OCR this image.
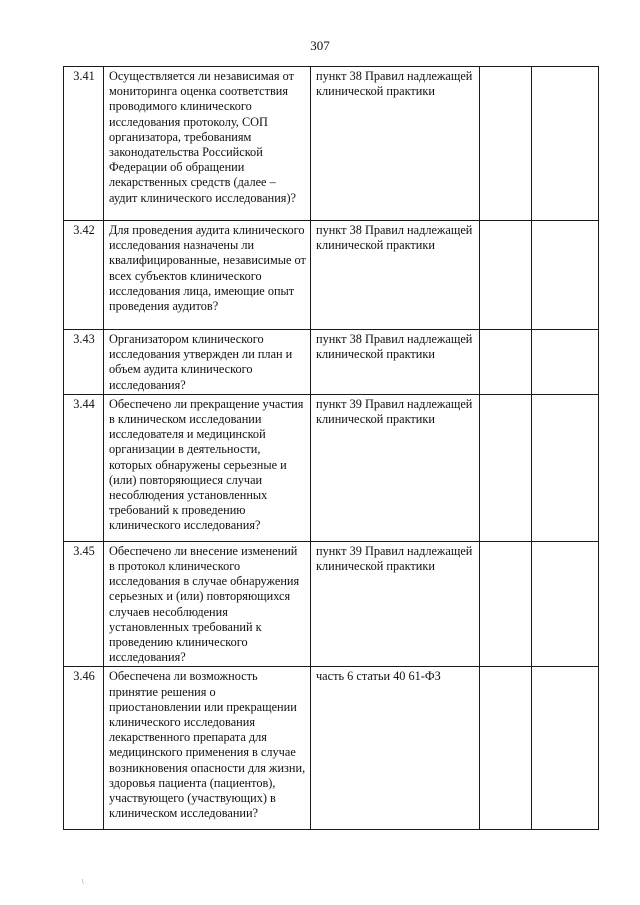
307
3.41	Осуществляется ли независимая от мониторинга оценка соответствия проводимого клинического исследования протоколу, СОП организатора, требованиям законодательства Российской Федерации об обращении лекарственных средств (далее – аудит клинического исследования)?	пункт 38 Правил надлежащей клинической практики		
3.42	Для проведения аудита клинического исследования назначены ли квалифицированные, независимые от всех субъектов клинического исследования лица, имеющие опыт проведения аудитов?	пункт 38 Правил надлежащей клинической практики		
3.43	Организатором клинического исследования утвержден ли план и объем аудита клинического исследования?	пункт 38 Правил надлежащей клинической практики		
3.44	Обеспечено ли прекращение участия в клиническом исследовании исследователя и медицинской организации в деятельности, которых обнаружены серьезные и (или) повторяющиеся случаи несоблюдения установленных требований к проведению клинического исследования?	пункт 39 Правил надлежащей клинической практики		
3.45	Обеспечено ли внесение изменений в протокол клинического исследования в случае обнаружения серьезных и (или) повторяющихся случаев несоблюдения установленных требований к проведению клинического исследования?	пункт 39 Правил надлежащей клинической практики		
3.46	Обеспечена ли возможность принятие решения о приостановлении или прекращении клинического исследования лекарственного препарата для медицинского применения в случае возникновения опасности для жизни, здоровья пациента (пациентов), участвующего (участвующих) в клиническом исследовании?	часть 6 статьи 40 61-ФЗ		
⸜
